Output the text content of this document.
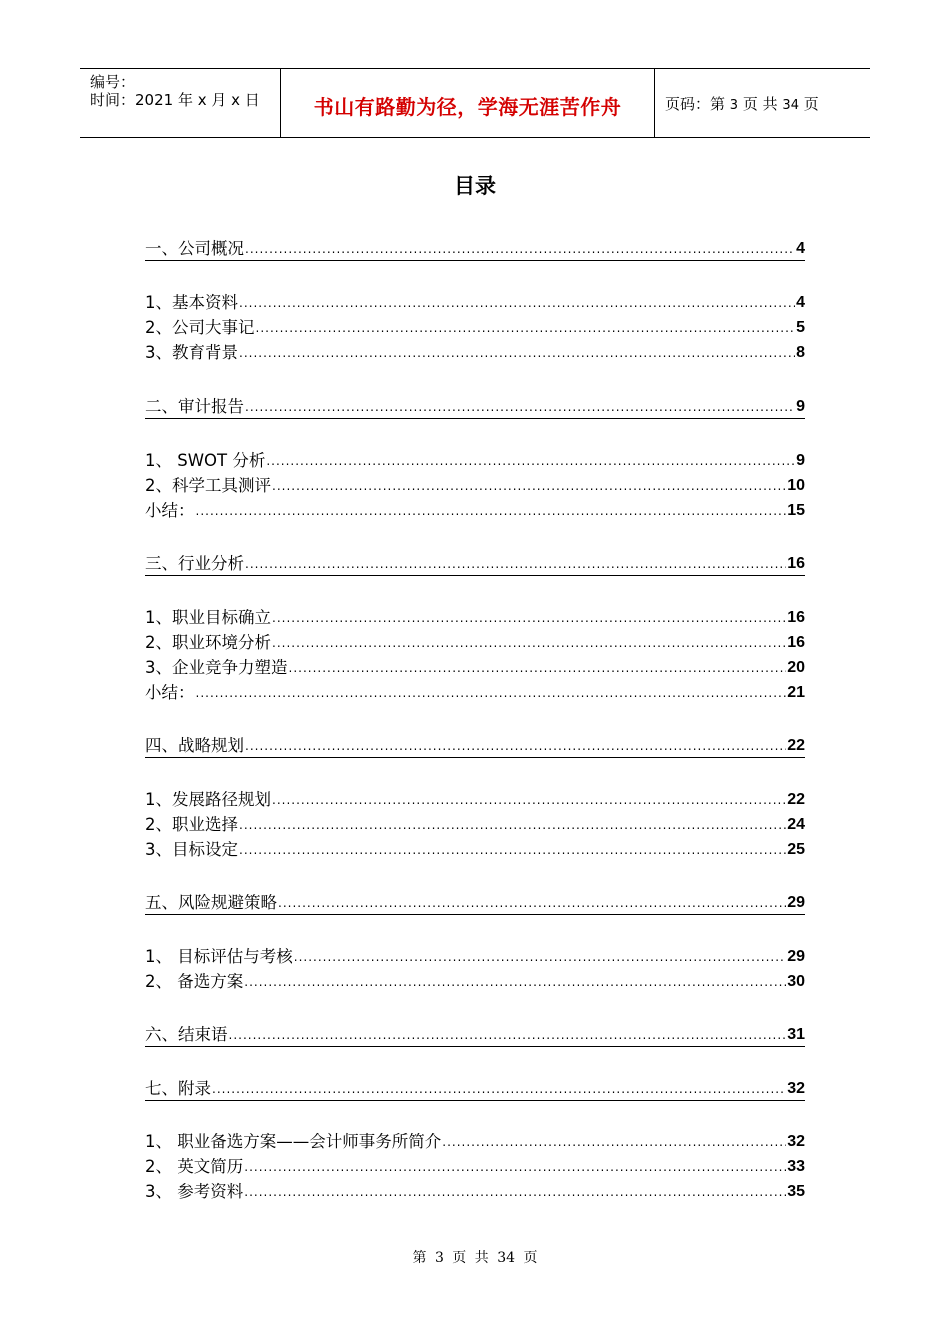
编号：
时间：2021 年 x 月 x 日	书山有路勤为径，学海无涯苦作舟	页码：第 3 页 共 34 页
目录
一、公司概况 .....	4
1、基本资料 .....	4
2、公司大事记 .....	5
3、教育背景 .....	8
二、审计报告 .....	9
1、 SWOT 分析 .....	9
2、科学工具测评 .....	10
小结： .....	15
三、行业分析 .....	16
1、职业目标确立 .....	16
2、职业环境分析 .....	16
3、企业竞争力塑造 .....	20
小结： .....	21
四、战略规划 .....	22
1、发展路径规划 .....	22
2、职业选择 .....	24
3、目标设定 .....	25
五、风险规避策略 .....	29
1、 目标评估与考核 .....	29
2、 备选方案 .....	30
六、结束语 .....	31
七、附录 .....	32
1、 职业备选方案——会计师事务所简介 .....	32
2、 英文简历 .....	33
3、 参考资料 .....	35
第 3 页 共 34 页
